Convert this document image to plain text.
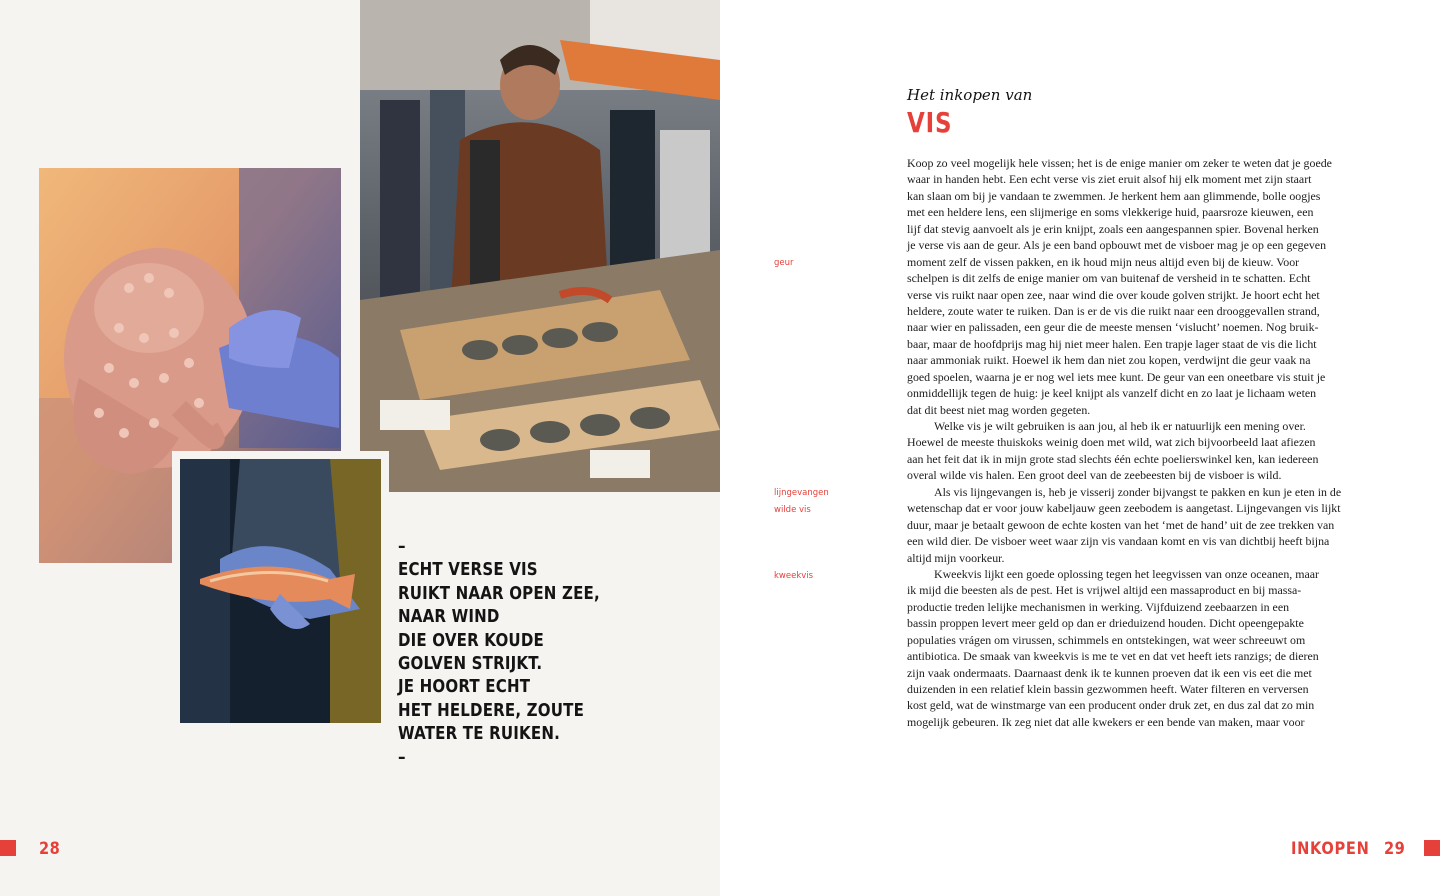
–
ECHT VERSE VIS
RUIKT NAAR OPEN ZEE,
NAAR WIND
DIE OVER KOUDE
GOLVEN STRIJKT.
JE HOORT ECHT
HET HELDERE, ZOUTE
WATER TE RUIKEN.
–
28
Het inkopen van
VIS
geur
lijngevangen
wilde vis
kweekvis
Koop zo veel mogelijk hele vissen; het is de enige manier om zeker te weten dat je goede
waar in handen hebt. Een echt verse vis ziet eruit alsof hij elk moment met zijn staart
kan slaan om bij je vandaan te zwemmen. Je herkent hem aan glimmende, bolle oogjes
met een heldere lens, een slijmerige en soms vlekkerige huid, paarsroze kieuwen, een
lijf dat stevig aanvoelt als je erin knijpt, zoals een aangespannen spier. Bovenal herken
je verse vis aan de geur. Als je een band opbouwt met de visboer mag je op een gegeven
moment zelf de vissen pakken, en ik houd mijn neus altijd even bij de kieuw. Voor
schelpen is dit zelfs de enige manier om van buitenaf de versheid in te schatten. Echt
verse vis ruikt naar open zee, naar wind die over koude golven strijkt. Je hoort echt het
heldere, zoute water te ruiken. Dan is er de vis die ruikt naar een drooggevallen strand,
naar wier en palissaden, een geur die de meeste mensen ‘vislucht’ noemen. Nog bruik-
baar, maar de hoofdprijs mag hij niet meer halen. Een trapje lager staat de vis die licht
naar ammoniak ruikt. Hoewel ik hem dan niet zou kopen, verdwijnt die geur vaak na
goed spoelen, waarna je er nog wel iets mee kunt. De geur van een oneetbare vis stuit je
onmiddellijk tegen de huig: je keel knijpt als vanzelf dicht en zo laat je lichaam weten
dat dit beest niet mag worden gegeten.
Welke vis je wilt gebruiken is aan jou, al heb ik er natuurlijk een mening over.
Hoewel de meeste thuiskoks weinig doen met wild, wat zich bijvoorbeeld laat afiezen
aan het feit dat ik in mijn grote stad slechts één echte poelierswinkel ken, kan iedereen
overal wilde vis halen. Een groot deel van de zeebeesten bij de visboer is wild.
Als vis lijngevangen is, heb je visserij zonder bijvangst te pakken en kun je eten in de
wetenschap dat er voor jouw kabeljauw geen zeebodem is aangetast. Lijngevangen vis lijkt
duur, maar je betaalt gewoon de echte kosten van het ‘met de hand’ uit de zee trekken van
een wild dier. De visboer weet waar zijn vis vandaan komt en vis van dichtbij heeft bijna
altijd mijn voorkeur.
Kweekvis lijkt een goede oplossing tegen het leegvissen van onze oceanen, maar
ik mijd die beesten als de pest. Het is vrijwel altijd een massaproduct en bij massa-
productie treden lelijke mechanismen in werking. Vijfduizend zeebaarzen in een
bassin proppen levert meer geld op dan er drieduizend houden. Dicht opeengepakte
populaties vrágen om virussen, schimmels en ontstekingen, wat weer schreeuwt om
antibiotica. De smaak van kweekvis is me te vet en dat vet heeft iets ranzigs; de dieren
zijn vaak ondermaats. Daarnaast denk ik te kunnen proeven dat ik een vis eet die met
duizenden in een relatief klein bassin gezwommen heeft. Water filteren en verversen
kost geld, wat de winstmarge van een producent onder druk zet, en dus zal dat zo min
mogelijk gebeuren. Ik zeg niet dat alle kwekers er een bende van maken, maar voor
INKOPEN 29
